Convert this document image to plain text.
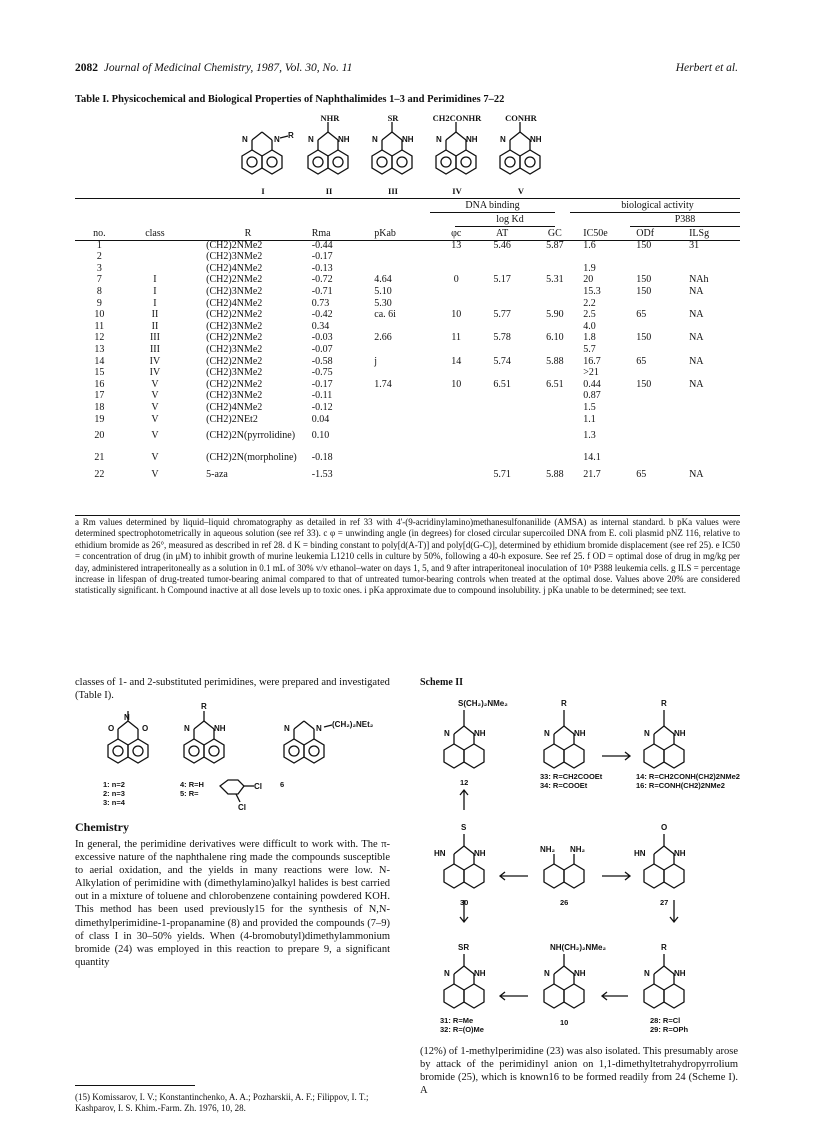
2082 Journal of Medicinal Chemistry, 1987, Vol. 30, No. 11	Herbert et al.
Table I. Physicochemical and Biological Properties of Naphthalimides 1–3 and Perimidines 7–22
N	N R
I
N	NH
II
NHR
N	NH
III
SR
N	NH
IV
CH2CONHR
N	NH
V
CONHR
DNA binding	biological activity
log Kd	P388
no.	class	R	Rma	pKab	φc	AT	GC	IC50e	ODf	ILSg
1		(CH2)2NMe2	-0.44		13	5.46	5.87	1.6	150	31
2		(CH2)3NMe2	-0.17							
3		(CH2)4NMe2	-0.13					1.9		
7	I	(CH2)2NMe2	-0.72	4.64	0	5.17	5.31	20	150	NAh
8	I	(CH2)3NMe2	-0.71	5.10				15.3	150	NA
9	I	(CH2)4NMe2	0.73	5.30				2.2		
10	II	(CH2)2NMe2	-0.42	ca. 6i	10	5.77	5.90	2.5	65	NA
11	II	(CH2)3NMe2	0.34					4.0		
12	III	(CH2)2NMe2	-0.03	2.66	11	5.78	6.10	1.8	150	NA
13	III	(CH2)3NMe2	-0.07					5.7		
14	IV	(CH2)2NMe2	-0.58	j	14	5.74	5.88	16.7	65	NA
15	IV	(CH2)3NMe2	-0.75					>21		
16	V	(CH2)2NMe2	-0.17	1.74	10	6.51	6.51	0.44	150	NA
17	V	(CH2)3NMe2	-0.11					0.87		
18	V	(CH2)4NMe2	-0.12					1.5		
19	V	(CH2)2NEt2	0.04					1.1		
20	V	(CH2)2N(pyrrolidine)	0.10					1.3		
21	V	(CH2)2N(morpholine)	-0.18					14.1		
22	V	5-aza	-1.53			5.71	5.88	21.7	65	NA
a Rm values determined by liquid–liquid chromatography as detailed in ref 33 with 4'-(9-acridinylamino)methanesulfonanilide (AMSA) as internal standard. b pKa values were determined spectrophotometrically in aqueous solution (see ref 33). c φ = unwinding angle (in degrees) for closed circular supercoiled DNA from E. coli plasmid pNZ 116, relative to ethidium bromide as 26°, measured as described in ref 28. d K = binding constant to poly[d(A-T)] and poly[d(G-C)], determined by ethidium bromide displacement (see ref 25). e IC50 = concentration of drug (in μM) to inhibit growth of murine leukemia L1210 cells in culture by 50%, following a 40-h exposure. See ref 25. f OD = optimal dose of drug in mg/kg per day, administered intraperitoneally as a solution in 0.1 mL of 30% v/v ethanol–water on days 1, 5, and 9 after intraperitoneal inoculation of 10⁶ P388 leukemia cells. g ILS = percentage increase in lifespan of drug-treated tumor-bearing animal compared to that of untreated tumor-bearing controls when treated at the optimal dose. Values above 20% are considered statistically significant. h Compound inactive at all dose levels up to toxic ones. i pKa approximate due to compound insolubility. j pKa unable to be determined; see text.
classes of 1- and 2-substituted perimidines, were prepared and investigated (Table I).
O	O
N
1: n=2
2: n=3
3: n=4
N	NH
R
4: R=H
5: R=
Cl
Cl
N	N (CH₂)₂NEt₂
6
Chemistry
In general, the perimidine derivatives were difficult to work with. The π-excessive nature of the naphthalene ring made the compounds susceptible to aerial oxidation, and the yields in many reactions were low. N-Alkylation of perimidine with (dimethylamino)alkyl halides is best carried out in a mixture of toluene and chlorobenzene containing powdered KOH. This method has been used previously15 for the synthesis of N,N-dimethylperimidine-1-propanamine (8) and provided the compounds (7–9) of class I in 30–50% yields. When (4-bromobutyl)dimethylammonium bromide (24) was employed in this reaction to prepare 9, a significant quantity
(15) Komissarov, I. V.; Konstantinchenko, A. A.; Pozharskii, A. F.; Filippov, I. T.; Kashparov, I. S. Khim.-Farm. Zh. 1976, 10, 28.
Scheme II
N	NH
S(CH₂)₂NMe₂
N	NH
R
N	NH
R
HN	NH
S
NH₂ NH₂	HN	NH
O
N	NH
SR
N	NH
NH(CH₂)₂NMe₂
N	NH
R
12
33: R=CH2COOEt
34: R=COOEt
14: R=CH2CONH(CH2)2NMe2
16: R=CONH(CH2)2NMe2
30	26	27
31: R=Me
32: R=(O)Me
10	28: R=Cl
29: R=OPh
(12%) of 1-methylperimidine (23) was also isolated. This presumably arose by attack of the perimidinyl anion on 1,1-dimethyltetrahydropyrrolium bromide (25), which is known16 to be formed readily from 24 (Scheme I). A
